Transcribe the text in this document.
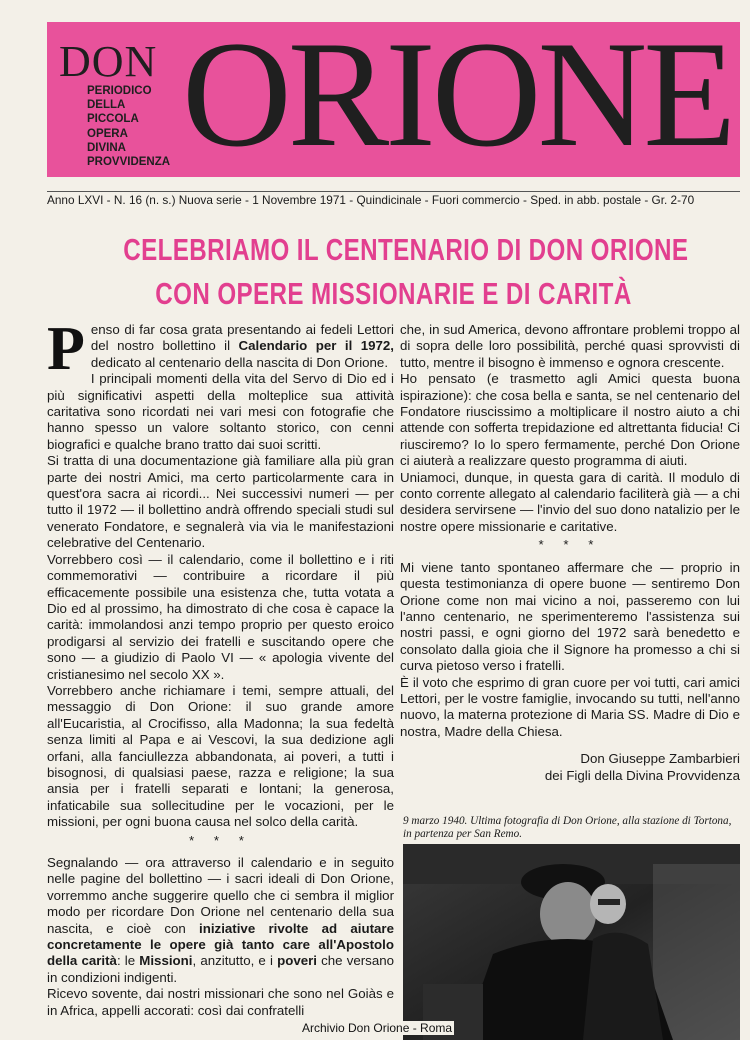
DON
PERIODICO
DELLA
PICCOLA
OPERA
DIVINA
PROVVIDENZA ORIONE
Anno LXVI - N. 16 (n. s.) Nuova serie - 1 Novembre 1971 - Quindicinale - Fuori commercio - Sped. in abb. postale - Gr. 2-70
CELEBRIAMO IL CENTENARIO DI DON ORIONE
CON OPERE MISSIONARIE E DI CARITÀ

Penso di far cosa grata presentando ai fedeli Lettori del nostro bollettino il Calendario per il 1972, dedicato al centenario della nascita di Don Orione.

I principali momenti della vita del Servo di Dio ed i più significativi aspetti della molteplice sua attività caritativa sono ricordati nei vari mesi con fotografie che hanno spesso un valore soltanto storico, con cenni biografici e qualche brano tratto dai suoi scritti.

Si tratta di una documentazione già familiare alla più gran parte dei nostri Amici, ma certo particolarmente cara in quest'ora sacra ai ricordi... Nei successivi numeri — per tutto il 1972 — il bollettino andrà offrendo speciali studi sul venerato Fondatore, e segnalerà via via le manifestazioni celebrative del Centenario.

Vorrebbero così — il calendario, come il bollettino e i riti commemorativi — contribuire a ricordare il più efficacemente possibile una esistenza che, tutta votata a Dio ed al prossimo, ha dimostrato di che cosa è capace la carità: immolandosi anzi tempo proprio per questo eroico prodigarsi al servizio dei fratelli e suscitando opere che sono — a giudizio di Paolo VI — « apologia vivente del cristianesimo nel secolo XX ».

Vorrebbero anche richiamare i temi, sempre attuali, del messaggio di Don Orione: il suo grande amore all'Eucaristia, al Crocifisso, alla Madonna; la sua fedeltà senza limiti al Papa e ai Vescovi, la sua dedizione agli orfani, alla fanciullezza abbandonata, ai poveri, a tutti i bisognosi, di qualsiasi paese, razza e religione; la sua ansia per i fratelli separati e lontani; la generosa, infaticabile sua sollecitudine per le vocazioni, per le missioni, per ogni buona causa nel solco della carità.

* * *

Segnalando — ora attraverso il calendario e in seguito nelle pagine del bollettino — i sacri ideali di Don Orione, vorremmo anche suggerire quello che ci sembra il miglior modo per ricordare Don Orione nel centenario della sua nascita, e cioè con iniziative rivolte ad aiutare concretamente le opere già tanto care all'Apostolo della carità: le Missioni, anzitutto, e i poveri che versano in condizioni indigenti.

Ricevo sovente, dai nostri missionari che sono nel Goiàs e in Africa, appelli accorati: così dai confratelli

che, in sud America, devono affrontare problemi troppo al di sopra delle loro possibilità, perché quasi sprovvisti di tutto, mentre il bisogno è immenso e ognora crescente.

Ho pensato (e trasmetto agli Amici questa buona ispirazione): che cosa bella e santa, se nel centenario del Fondatore riuscissimo a moltiplicare il nostro aiuto a chi attende con sofferta trepidazione ed altrettanta fiducia! Ci riusciremo? Io lo spero fermamente, perché Don Orione ci aiuterà a realizzare questo programma di aiuti.

Uniamoci, dunque, in questa gara di carità. Il modulo di conto corrente allegato al calendario faciliterà già — a chi desidera servirsene — l'invio del suo dono natalizio per le nostre opere missionarie e caritative.

* * *

Mi viene tanto spontaneo affermare che — proprio in questa testimonianza di opere buone — sentiremo Don Orione come non mai vicino a noi, passeremo con lui l'anno centenario, ne sperimenteremo l'assistenza sui nostri passi, e ogni giorno del 1972 sarà benedetto e consolato dalla gioia che il Signore ha promesso a chi si curva pietoso verso i fratelli.

È il voto che esprimo di gran cuore per voi tutti, cari amici Lettori, per le vostre famiglie, invocando su tutti, nell'anno nuovo, la materna protezione di Maria SS. Madre di Dio e nostra, Madre della Chiesa.

Don Giuseppe Zambarbieri
dei Figli della Divina Provvidenza
9 marzo 1940. Ultima fotografia di Don Orione, alla stazione di Tortona, in partenza per San Remo.
Archivio Don Orione - Roma
